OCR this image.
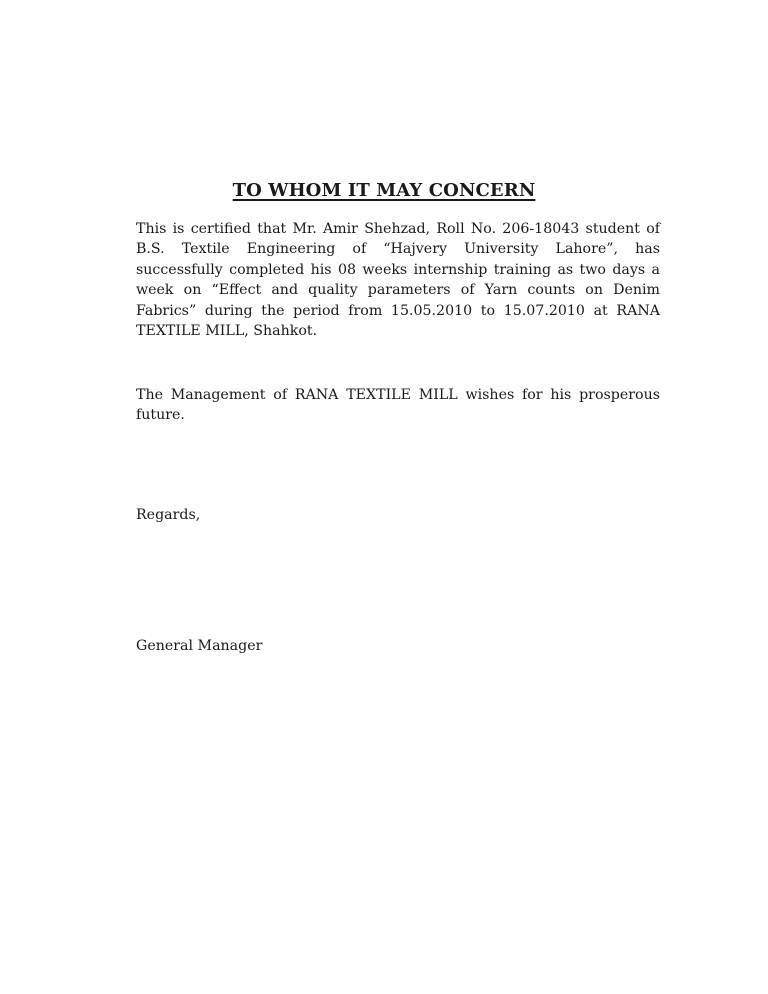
TO WHOM IT MAY CONCERN

This is certified that Mr. Amir Shehzad, Roll No. 206-18043 student of B.S. Textile Engineering of “Hajvery University Lahore”, has successfully completed his 08 weeks internship training as two days a week on “Effect and quality parameters of Yarn counts on Denim Fabrics” during the period from 15.05.2010 to 15.07.2010 at RANA TEXTILE MILL, Shahkot.

The Management of RANA TEXTILE MILL wishes for his prosperous future.

Regards,

General Manager
